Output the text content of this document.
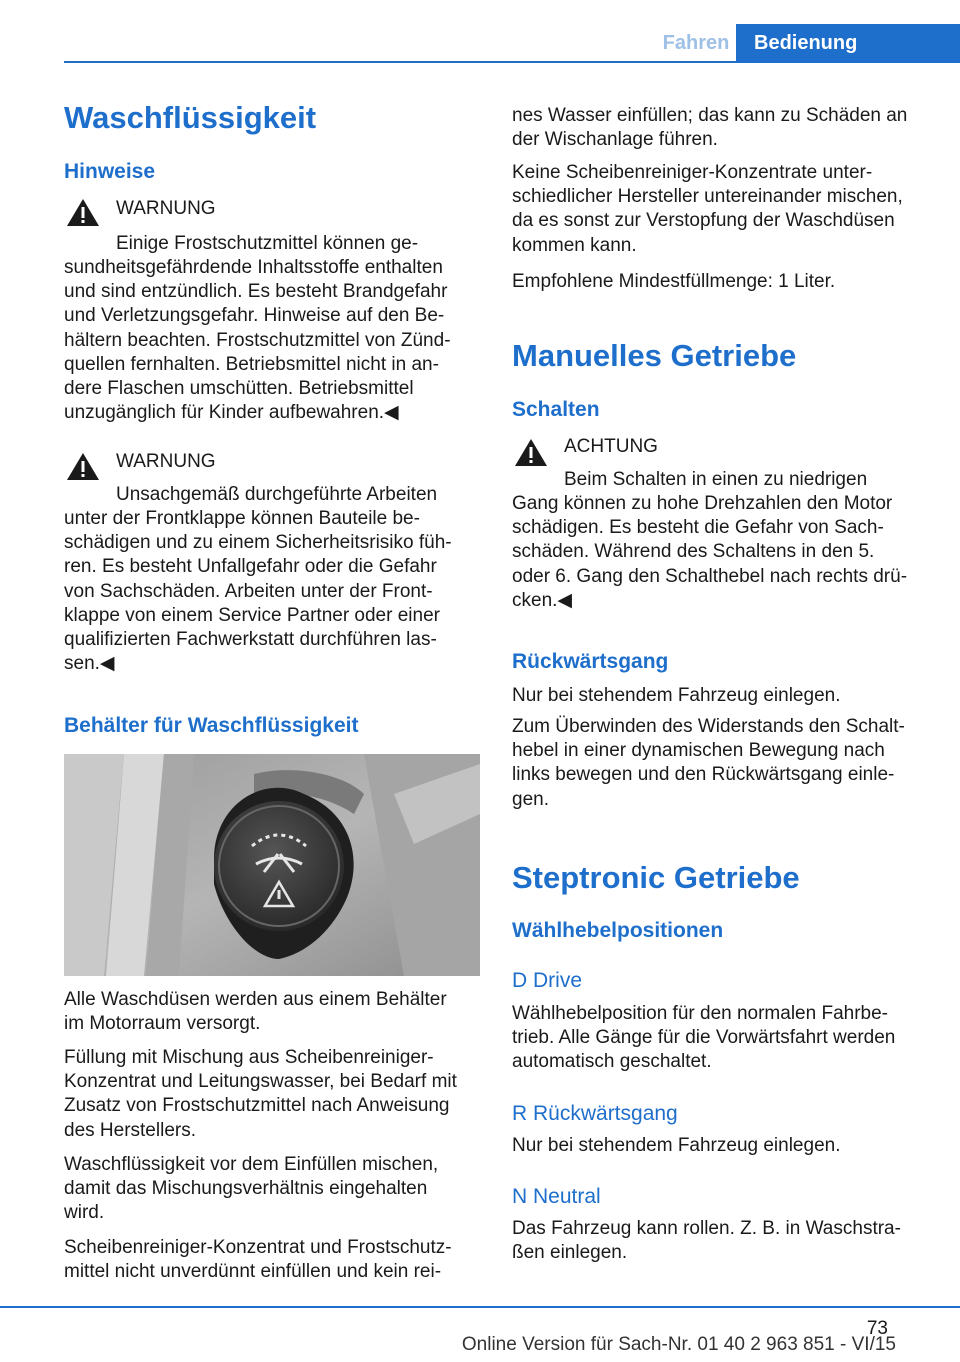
Fahren	Bedienung
Waschflüssigkeit
Hinweise
WARNUNG

Einige Frostschutzmittel können ge-
sundheitsgefährdende Inhaltsstoffe enthalten
und sind entzündlich. Es besteht Brandgefahr
und Verletzungsgefahr. Hinweise auf den Be-
hältern beachten. Frostschutzmittel von Zünd-
quellen fernhalten. Betriebsmittel nicht in an-
dere Flaschen umschütten. Betriebsmittel
unzugänglich für Kinder aufbewahren.◀
WARNUNG
Unsachgemäß durchgeführte Arbeiten
unter der Frontklappe können Bauteile be-
schädigen und zu einem Sicherheitsrisiko füh-
ren. Es besteht Unfallgefahr oder die Gefahr
von Sachschäden. Arbeiten unter der Front-
klappe von einem Service Partner oder einer
qualifizierten Fachwerkstatt durchführen las-
sen.◀
Behälter für Waschflüssigkeit
Alle Waschdüsen werden aus einem Behälter
im Motorraum versorgt.
Füllung mit Mischung aus Scheibenreiniger-
Konzentrat und Leitungswasser, bei Bedarf mit
Zusatz von Frostschutzmittel nach Anweisung
des Herstellers.
Waschflüssigkeit vor dem Einfüllen mischen,
damit das Mischungsverhältnis eingehalten
wird.
Scheibenreiniger-Konzentrat und Frostschutz-
mittel nicht unverdünnt einfüllen und kein rei-
nes Wasser einfüllen; das kann zu Schäden an
der Wischanlage führen.
Keine Scheibenreiniger-Konzentrate unter-
schiedlicher Hersteller untereinander mischen,
da es sonst zur Verstopfung der Waschdüsen
kommen kann.
Empfohlene Mindestfüllmenge: 1 Liter.
Manuelles Getriebe
Schalten
ACHTUNG
Beim Schalten in einen zu niedrigen
Gang können zu hohe Drehzahlen den Motor
schädigen. Es besteht die Gefahr von Sach-
schäden. Während des Schaltens in den 5.
oder 6. Gang den Schalthebel nach rechts drü-
cken.◀
Rückwärtsgang
Nur bei stehendem Fahrzeug einlegen.
Zum Überwinden des Widerstands den Schalt-
hebel in einer dynamischen Bewegung nach
links bewegen und den Rückwärtsgang einle-
gen.
Steptronic Getriebe
Wählhebelpositionen
D Drive
Wählhebelposition für den normalen Fahrbe-
trieb. Alle Gänge für die Vorwärtsfahrt werden
automatisch geschaltet.
R Rückwärtsgang
Nur bei stehendem Fahrzeug einlegen.
N Neutral
Das Fahrzeug kann rollen. Z. B. in Waschstra-
ßen einlegen.
73
Online Version für Sach-Nr. 01 40 2 963 851 - VI/15
